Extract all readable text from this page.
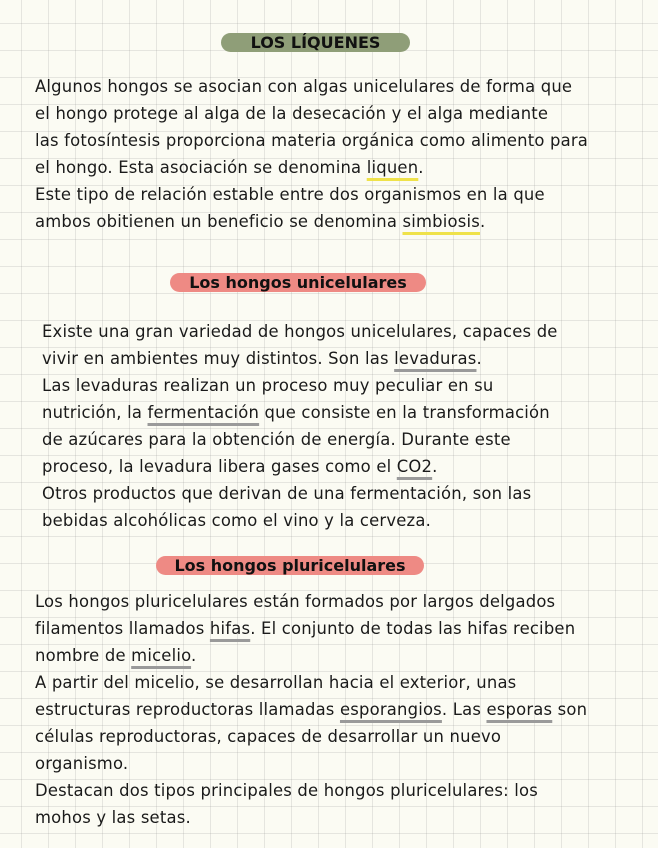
LOS LÍQUENES
Algunos hongos se asocian con algas unicelulares de forma que
el hongo protege al alga de la desecación y el alga mediante
las fotosíntesis proporciona materia orgánica como alimento para
el hongo. Esta asociación se denomina liquen.
Este tipo de relación estable entre dos organismos en la que
ambos obitienen un beneficio se denomina simbiosis.
Los hongos unicelulares
Existe una gran variedad de hongos unicelulares, capaces de
vivir en ambientes muy distintos. Son las levaduras.
Las levaduras realizan un proceso muy peculiar en su
nutrición, la fermentación que consiste en la transformación
de azúcares para la obtención de energía. Durante este
proceso, la levadura libera gases como el CO2.
Otros productos que derivan de una fermentación, son las
bebidas alcohólicas como el vino y la cerveza.
Los hongos pluricelulares
Los hongos pluricelulares están formados por largos delgados
filamentos llamados hifas. El conjunto de todas las hifas reciben
nombre de micelio.
A partir del micelio, se desarrollan hacia el exterior, unas
estructuras reproductoras llamadas esporangios. Las esporas son
células reproductoras, capaces de desarrollar un nuevo
organismo.
Destacan dos tipos principales de hongos pluricelulares: los
mohos y las setas.
